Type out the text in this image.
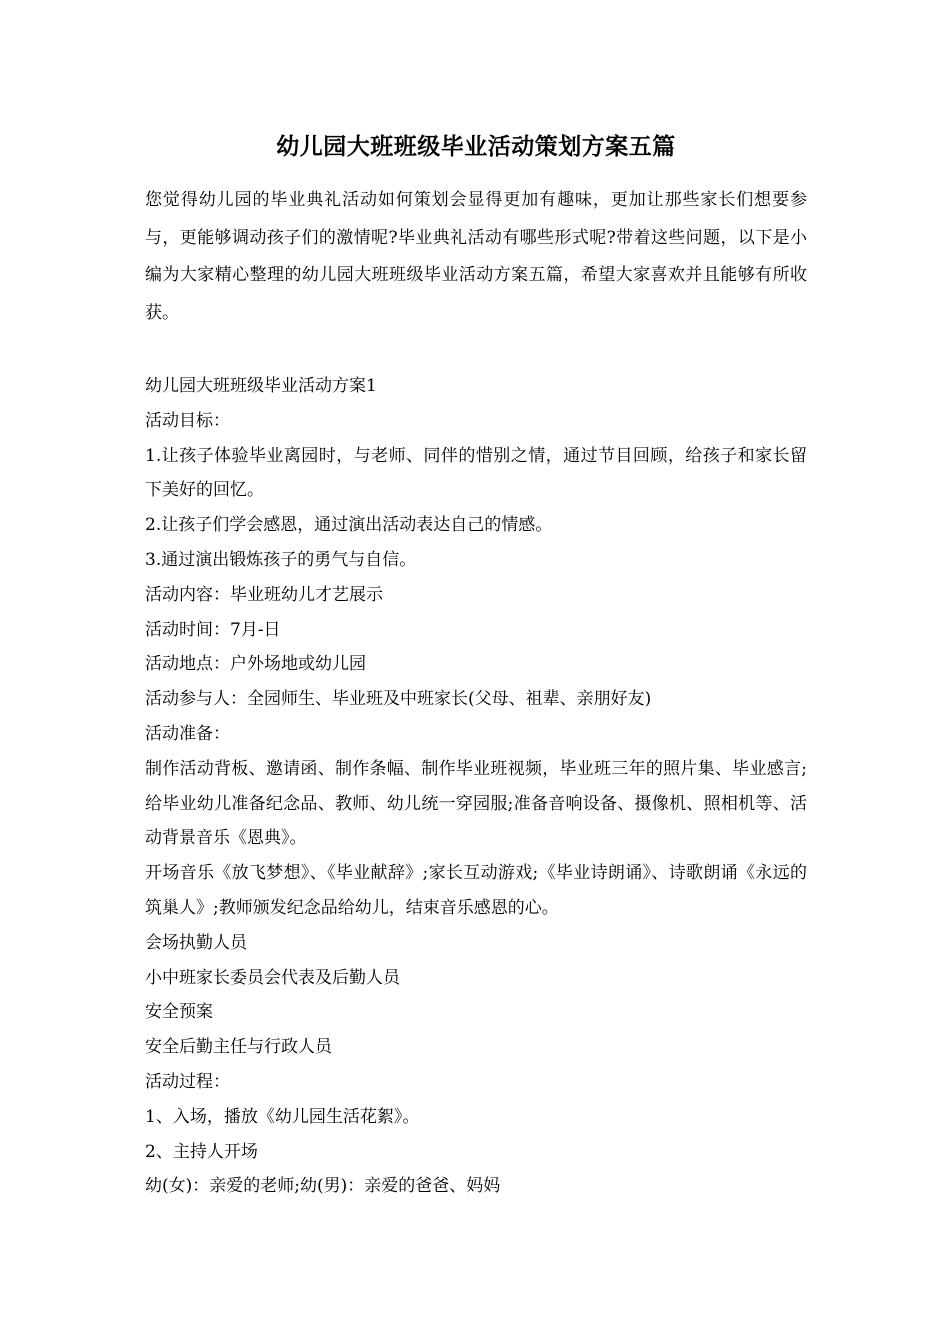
幼儿园大班班级毕业活动策划方案五篇

您觉得幼儿园的毕业典礼活动如何策划会显得更加有趣味，更加让那些家长们想要参与，更能够调动孩子们的激情呢?毕业典礼活动有哪些形式呢?带着这些问题，以下是小编为大家精心整理的幼儿园大班班级毕业活动方案五篇，希望大家喜欢并且能够有所收获。

幼儿园大班班级毕业活动方案1

活动目标：

1.让孩子体验毕业离园时，与老师、同伴的惜别之情，通过节目回顾，给孩子和家长留下美好的回忆。

2.让孩子们学会感恩，通过演出活动表达自己的情感。

3.通过演出锻炼孩子的勇气与自信。

活动内容：毕业班幼儿才艺展示

活动时间：7月-日

活动地点：户外场地或幼儿园

活动参与人：全园师生、毕业班及中班家长(父母、祖辈、亲朋好友)

活动准备：

制作活动背板、邀请函、制作条幅、制作毕业班视频，毕业班三年的照片集、毕业感言;给毕业幼儿准备纪念品、教师、幼儿统一穿园服;准备音响设备、摄像机、照相机等、活动背景音乐《恩典》。

开场音乐《放飞梦想》、《毕业献辞》;家长互动游戏;《毕业诗朗诵》、诗歌朗诵《永远的筑巢人》;教师颁发纪念品给幼儿，结束音乐感恩的心。

会场执勤人员

小中班家长委员会代表及后勤人员

安全预案

安全后勤主任与行政人员

活动过程：

1、入场，播放《幼儿园生活花絮》。

2、主持人开场

幼(女)：亲爱的老师;幼(男)：亲爱的爸爸、妈妈
